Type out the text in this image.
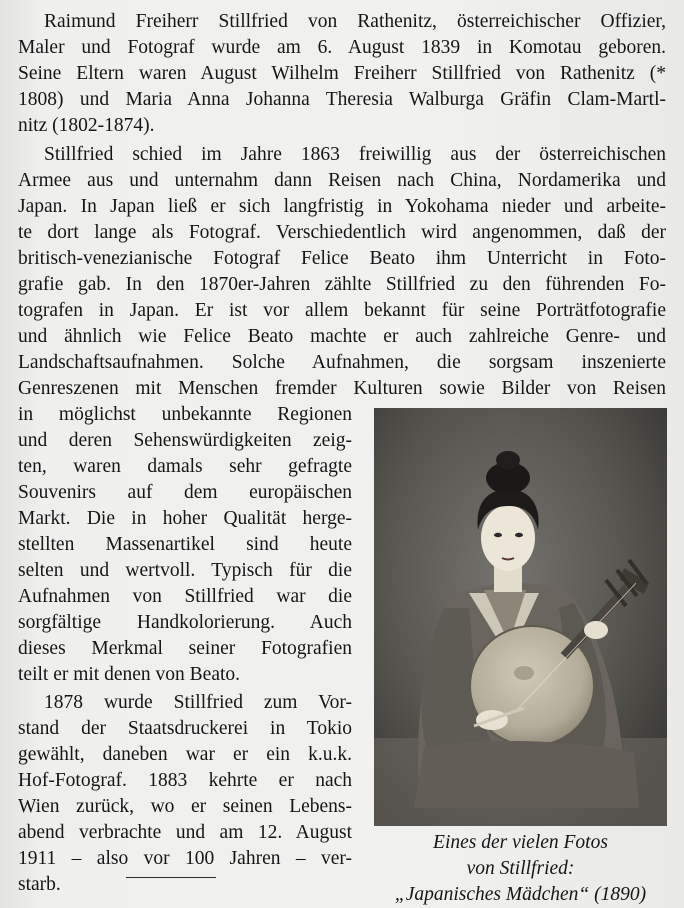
Raimund Freiherr Stillfried von Rathenitz, österreichischer Offizier,
Maler und Fotograf wurde am 6. August 1839 in Komotau geboren.
Seine Eltern waren August Wilhelm Freiherr Stillfried von Rathenitz (*
1808) und Maria Anna Johanna Theresia Walburga Gräfin Clam-Martl-
nitz (1802-1874).
Stillfried schied im Jahre 1863 freiwillig aus der österreichischen
Armee aus und unternahm dann Reisen nach China, Nordamerika und
Japan. In Japan ließ er sich langfristig in Yokohama nieder und arbeite-
te dort lange als Fotograf. Verschiedentlich wird angenommen, daß der
britisch-venezianische Fotograf Felice Beato ihm Unterricht in Foto-
grafie gab. In den 1870er-Jahren zählte Stillfried zu den führenden Fo-
tografen in Japan. Er ist vor allem bekannt für seine Porträtfotografie
und ähnlich wie Felice Beato machte er auch zahlreiche Genre- und
Landschaftsaufnahmen. Solche Aufnahmen, die sorgsam inszenierte
Genreszenen mit Menschen fremder Kulturen sowie Bilder von Reisen
in möglichst unbekannte Regionen
und deren Sehenswürdigkeiten zeig-
ten, waren damals sehr gefragte
Souvenirs auf dem europäischen
Markt. Die in hoher Qualität herge-
stellten Massenartikel sind heute
selten und wertvoll. Typisch für die
Aufnahmen von Stillfried war die
sorgfältige Handkolorierung. Auch
dieses Merkmal seiner Fotografien
teilt er mit denen von Beato.
1878 wurde Stillfried zum Vor-
stand der Staatsdruckerei in Tokio
gewählt, daneben war er ein k.u.k.
Hof-Fotograf. 1883 kehrte er nach
Wien zurück, wo er seinen Lebens-
abend verbrachte und am 12. August
1911 – also vor 100 Jahren – ver-
starb.
Eines der vielen Fotos
von Stillfried:
„Japanisches Mädchen“ (1890)
